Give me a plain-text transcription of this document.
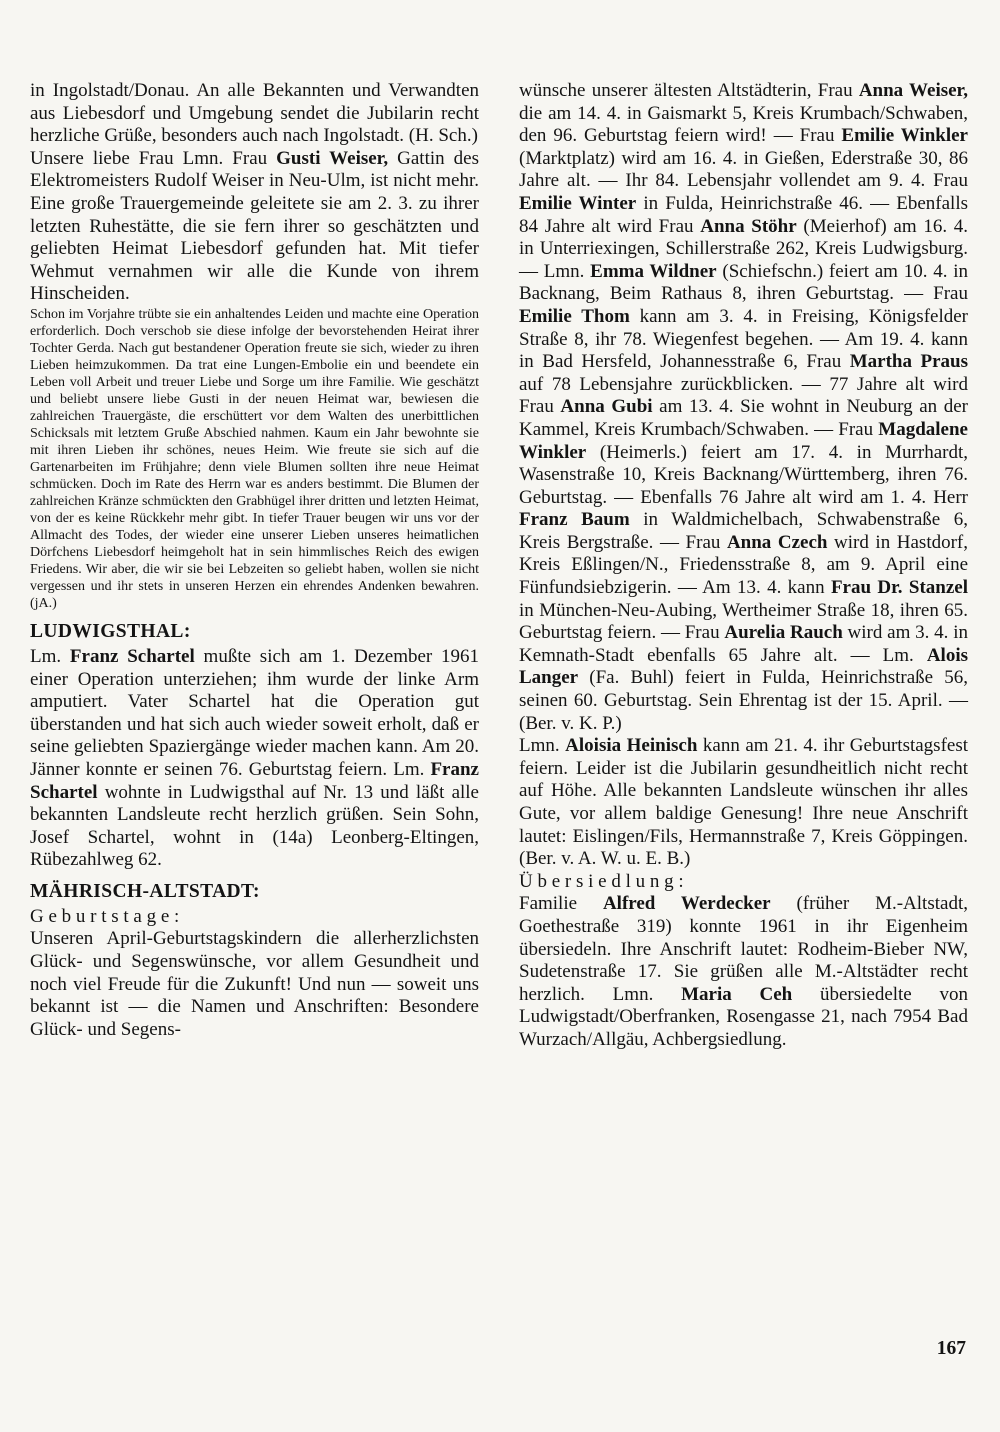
in Ingolstadt/Donau. An alle Bekannten und Verwandten aus Liebesdorf und Umgebung sendet die Jubilarin recht herzliche Grüße, besonders auch nach Ingolstadt. (H. Sch.)
Unsere liebe Frau Lmn. Frau Gusti Weiser, Gattin des Elektromeisters Rudolf Weiser in Neu-Ulm, ist nicht mehr. Eine große Trauergemeinde geleitete sie am 2. 3. zu ihrer letzten Ruhestätte, die sie fern ihrer so geschätzten und geliebten Heimat Liebesdorf gefunden hat. Mit tiefer Wehmut vernahmen wir alle die Kunde von ihrem Hinscheiden.
Schon im Vorjahre trübte sie ein anhaltendes Leiden und machte eine Operation erforderlich. Doch verschob sie diese infolge der bevorstehenden Heirat ihrer Tochter Gerda. Nach gut bestandener Operation freute sie sich, wieder zu ihren Lieben heimzukommen. Da trat eine Lungen-Embolie ein und beendete ein Leben voll Arbeit und treuer Liebe und Sorge um ihre Familie. Wie geschätzt und beliebt unsere liebe Gusti in der neuen Heimat war, bewiesen die zahlreichen Trauergäste, die erschüttert vor dem Walten des unerbittlichen Schicksals mit letztem Gruße Abschied nahmen. Kaum ein Jahr bewohnte sie mit ihren Lieben ihr schönes, neues Heim. Wie freute sie sich auf die Gartenarbeiten im Frühjahre; denn viele Blumen sollten ihre neue Heimat schmücken. Doch im Rate des Herrn war es anders bestimmt. Die Blumen der zahlreichen Kränze schmückten den Grabhügel ihrer dritten und letzten Heimat, von der es keine Rückkehr mehr gibt. In tiefer Trauer beugen wir uns vor der Allmacht des Todes, der wieder eine unserer Lieben unseres heimatlichen Dörfchens Liebesdorf heimgeholt hat in sein himmlisches Reich des ewigen Friedens. Wir aber, die wir sie bei Lebzeiten so geliebt haben, wollen sie nicht vergessen und ihr stets in unseren Herzen ein ehrendes Andenken bewahren. (jA.)
LUDWIGSTHAL:
Lm. Franz Schartel mußte sich am 1. Dezember 1961 einer Operation unterziehen; ihm wurde der linke Arm amputiert. Vater Schartel hat die Operation gut überstanden und hat sich auch wieder soweit erholt, daß er seine geliebten Spaziergänge wieder machen kann. Am 20. Jänner konnte er seinen 76. Geburtstag feiern. Lm. Franz Schartel wohnte in Ludwigsthal auf Nr. 13 und läßt alle bekannten Landsleute recht herzlich grüßen. Sein Sohn, Josef Schartel, wohnt in (14a) Leonberg-Eltingen, Rübezahlweg 62.
MÄHRISCH-ALTSTADT:
G e b u r t s t a g e :
Unseren April-Geburtstagskindern die allerherzlichsten Glück- und Segenswünsche, vor allem Gesundheit und noch viel Freude für die Zukunft! Und nun — soweit uns bekannt ist — die Namen und Anschriften: Besondere Glück- und Segens-
wünsche unserer ältesten Altstädterin, Frau Anna Weiser, die am 14. 4. in Gaismarkt 5, Kreis Krumbach/Schwaben, den 96. Geburtstag feiern wird! — Frau Emilie Winkler (Marktplatz) wird am 16. 4. in Gießen, Ederstraße 30, 86 Jahre alt. — Ihr 84. Lebensjahr vollendet am 9. 4. Frau Emilie Winter in Fulda, Heinrichstraße 46. — Ebenfalls 84 Jahre alt wird Frau Anna Stöhr (Meierhof) am 16. 4. in Unterriexingen, Schillerstraße 262, Kreis Ludwigsburg. — Lmn. Emma Wildner (Schiefschn.) feiert am 10. 4. in Backnang, Beim Rathaus 8, ihren Geburtstag. — Frau Emilie Thom kann am 3. 4. in Freising, Königsfelder Straße 8, ihr 78. Wiegenfest begehen. — Am 19. 4. kann in Bad Hersfeld, Johannesstraße 6, Frau Martha Praus auf 78 Lebensjahre zurückblicken. — 77 Jahre alt wird Frau Anna Gubi am 13. 4. Sie wohnt in Neuburg an der Kammel, Kreis Krumbach/Schwaben. — Frau Magdalene Winkler (Heimerls.) feiert am 17. 4. in Murrhardt, Wasenstraße 10, Kreis Backnang/Württemberg, ihren 76. Geburtstag. — Ebenfalls 76 Jahre alt wird am 1. 4. Herr Franz Baum in Waldmichelbach, Schwabenstraße 6, Kreis Bergstraße. — Frau Anna Czech wird in Hastdorf, Kreis Eßlingen/N., Friedensstraße 8, am 9. April eine Fünfundsiebzigerin. — Am 13. 4. kann Frau Dr. Stanzel in München-Neu-Aubing, Wertheimer Straße 18, ihren 65. Geburtstag feiern. — Frau Aurelia Rauch wird am 3. 4. in Kemnath-Stadt ebenfalls 65 Jahre alt. — Lm. Alois Langer (Fa. Buhl) feiert in Fulda, Heinrichstraße 56, seinen 60. Geburtstag. Sein Ehrentag ist der 15. April. — (Ber. v. K. P.)
Lmn. Aloisia Heinisch kann am 21. 4. ihr Geburtstagsfest feiern. Leider ist die Jubilarin gesundheitlich nicht recht auf Höhe. Alle bekannten Landsleute wünschen ihr alles Gute, vor allem baldige Genesung! Ihre neue Anschrift lautet: Eislingen/Fils, Hermannstraße 7, Kreis Göppingen. (Ber. v. A. W. u. E. B.)
Ü b e r s i e d l u n g :
Familie Alfred Werdecker (früher M.-Altstadt, Goethestraße 319) konnte 1961 in ihr Eigenheim übersiedeln. Ihre Anschrift lautet: Rodheim-Bieber NW, Sudetenstraße 17. Sie grüßen alle M.-Altstädter recht herzlich. Lmn. Maria Ceh übersiedelte von Ludwigstadt/Oberfranken, Rosengasse 21, nach 7954 Bad Wurzach/Allgäu, Achbergsiedlung.
167
